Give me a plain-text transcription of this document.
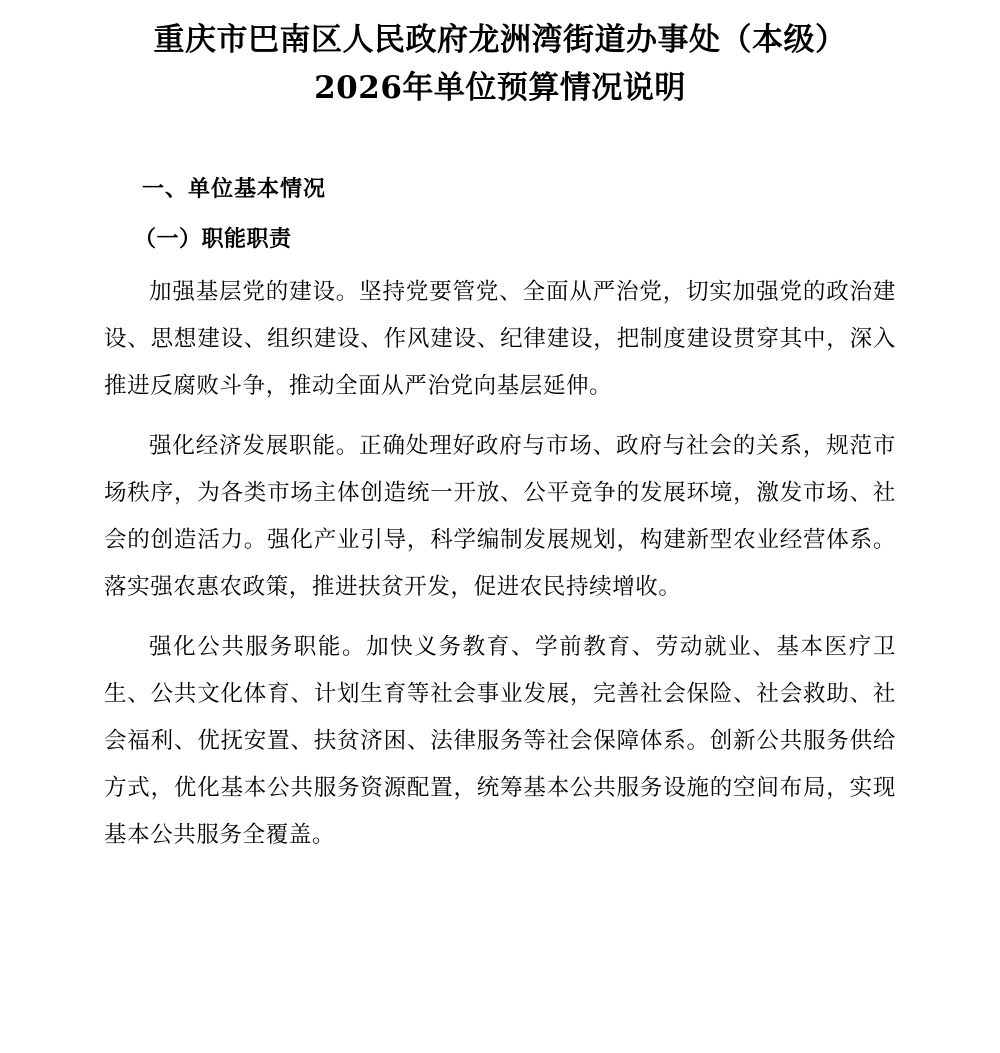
重庆市巴南区人民政府龙洲湾街道办事处（本级）
2026年单位预算情况说明
一、单位基本情况
（一）职能职责

加强基层党的建设。坚持党要管党、全面从严治党，切实加强党的政治建设、思想建设、组织建设、作风建设、纪律建设，把制度建设贯穿其中，深入推进反腐败斗争，推动全面从严治党向基层延伸。

强化经济发展职能。正确处理好政府与市场、政府与社会的关系，规范市场秩序，为各类市场主体创造统一开放、公平竞争的发展环境，激发市场、社会的创造活力。强化产业引导，科学编制发展规划，构建新型农业经营体系。落实强农惠农政策，推进扶贫开发，促进农民持续增收。

强化公共服务职能。加快义务教育、学前教育、劳动就业、基本医疗卫生、公共文化体育、计划生育等社会事业发展，完善社会保险、社会救助、社会福利、优抚安置、扶贫济困、法律服务等社会保障体系。创新公共服务供给方式，优化基本公共服务资源配置，统筹基本公共服务设施的空间布局，实现基本公共服务全覆盖。
